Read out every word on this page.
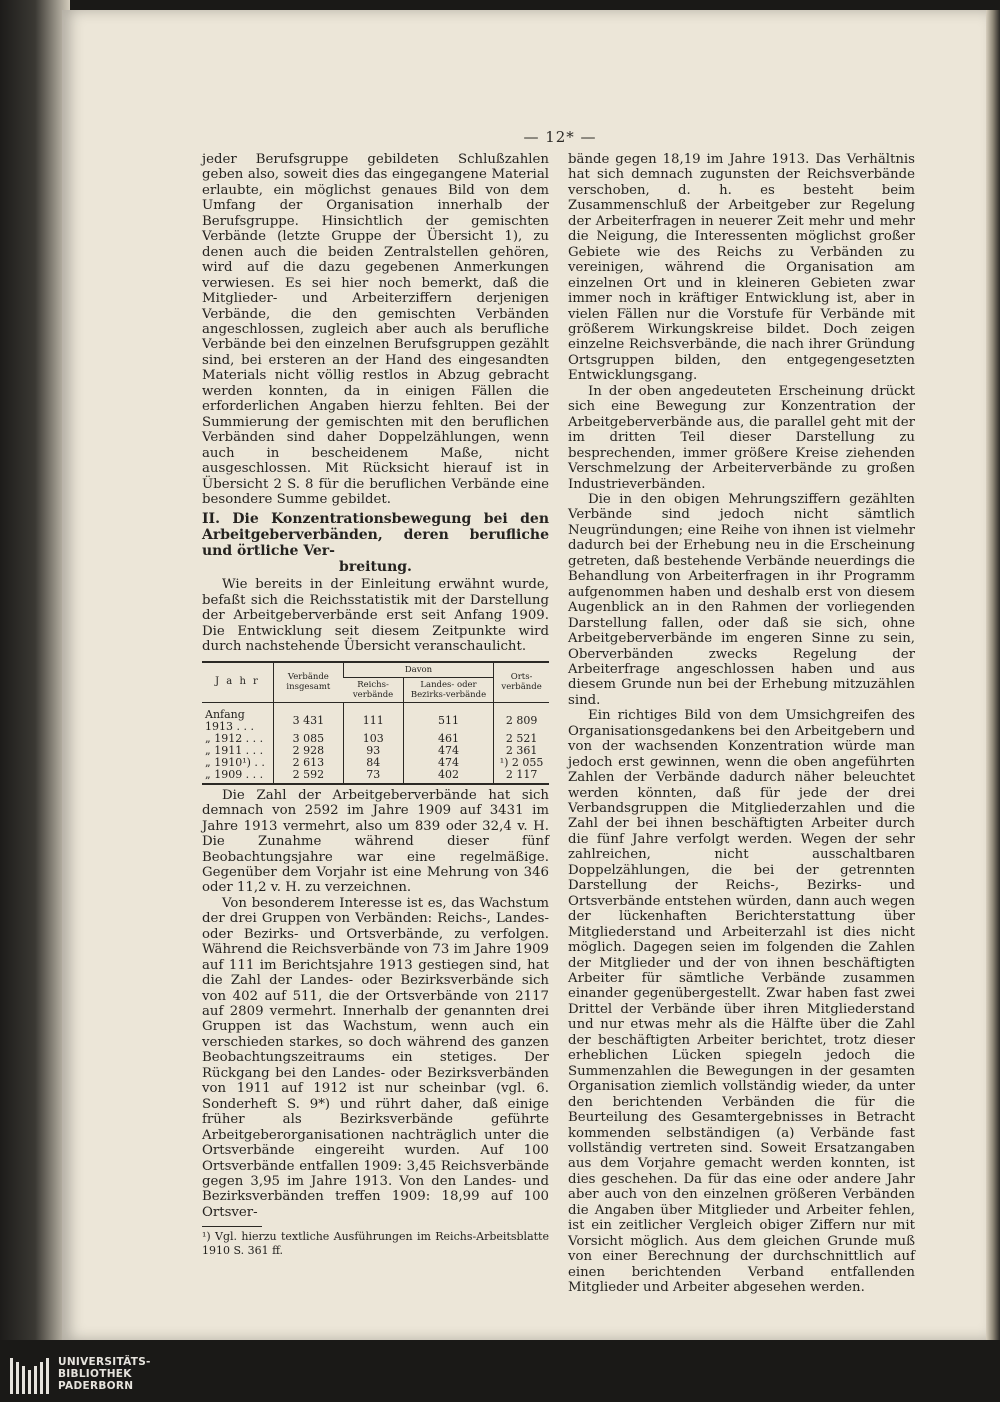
— 12* —

jeder Berufsgruppe gebildeten Schlußzahlen geben also, soweit dies das eingegangene Material erlaubte, ein möglichst genaues Bild von dem Umfang der Organisation innerhalb der Berufsgruppe. Hinsichtlich der gemischten Verbände (letzte Gruppe der Übersicht 1), zu denen auch die beiden Zentralstellen gehören, wird auf die dazu gegebenen Anmerkungen verwiesen. Es sei hier noch bemerkt, daß die Mitglieder- und Arbeiterziffern derjenigen Verbände, die den gemischten Verbänden angeschlossen, zugleich aber auch als berufliche Verbände bei den einzelnen Berufsgruppen gezählt sind, bei ersteren an der Hand des eingesandten Materials nicht völlig restlos in Abzug gebracht werden konnten, da in einigen Fällen die erforderlichen Angaben hierzu fehlten. Bei der Summierung der gemischten mit den beruflichen Verbänden sind daher Doppelzählungen, wenn auch in bescheidenem Maße, nicht ausgeschlossen. Mit Rücksicht hierauf ist in Übersicht 2 S. 8 für die beruflichen Verbände eine besondere Summe gebildet.

II. Die Konzentrationsbewegung bei den Arbeitgeberverbänden, deren berufliche und örtliche Ver-
breitung.

Wie bereits in der Einleitung erwähnt wurde, befaßt sich die Reichsstatistik mit der Darstellung der Arbeitgeberverbände erst seit Anfang 1909. Die Entwicklung seit diesem Zeitpunkte wird durch nachstehende Übersicht veranschaulicht.

J a h r	Verbände insgesamt	Davon		Orts-verbände
		Reichs-verbände	Landes- oder Bezirks-verbände	
Anfang 1913 . . .	3 431	111	511	2 809
„ 1912 . . .	3 085	103	461	2 521
„ 1911 . . .	2 928	93	474	2 361
„ 1910¹) . .	2 613	84	474	¹) 2 055
„ 1909 . . .	2 592	73	402	2 117

Die Zahl der Arbeitgeberverbände hat sich demnach von 2592 im Jahre 1909 auf 3431 im Jahre 1913 vermehrt, also um 839 oder 32,4 v. H. Die Zunahme während dieser fünf Beobachtungsjahre war eine regelmäßige. Gegenüber dem Vorjahr ist eine Mehrung von 346 oder 11,2 v. H. zu verzeichnen.

Von besonderem Interesse ist es, das Wachstum der drei Gruppen von Verbänden: Reichs-, Landes- oder Bezirks- und Ortsverbände, zu verfolgen. Während die Reichsverbände von 73 im Jahre 1909 auf 111 im Berichtsjahre 1913 gestiegen sind, hat die Zahl der Landes- oder Bezirksverbände sich von 402 auf 511, die der Ortsverbände von 2117 auf 2809 vermehrt. Innerhalb der genannten drei Gruppen ist das Wachstum, wenn auch ein verschieden starkes, so doch während des ganzen Beobachtungszeitraums ein stetiges. Der Rückgang bei den Landes- oder Bezirksverbänden von 1911 auf 1912 ist nur scheinbar (vgl. 6. Sonderheft S. 9*) und rührt daher, daß einige früher als Bezirksverbände geführte Arbeitgeberorganisationen nachträglich unter die Ortsverbände eingereiht wurden. Auf 100 Ortsverbände entfallen 1909: 3,45 Reichsverbände gegen 3,95 im Jahre 1913. Von den Landes- und Bezirksverbänden treffen 1909: 18,99 auf 100 Ortsver-

¹) Vgl. hierzu textliche Ausführungen im Reichs-Arbeitsblatte 1910 S. 361 ff.

bände gegen 18,19 im Jahre 1913. Das Verhältnis hat sich demnach zugunsten der Reichsverbände verschoben, d. h. es besteht beim Zusammenschluß der Arbeitgeber zur Regelung der Arbeiterfragen in neuerer Zeit mehr und mehr die Neigung, die Interessenten möglichst großer Gebiete wie des Reichs zu Verbänden zu vereinigen, während die Organisation am einzelnen Ort und in kleineren Gebieten zwar immer noch in kräftiger Entwicklung ist, aber in vielen Fällen nur die Vorstufe für Verbände mit größerem Wirkungskreise bildet. Doch zeigen einzelne Reichsverbände, die nach ihrer Gründung Ortsgruppen bilden, den entgegengesetzten Entwicklungsgang.

In der oben angedeuteten Erscheinung drückt sich eine Bewegung zur Konzentration der Arbeitgeberverbände aus, die parallel geht mit der im dritten Teil dieser Darstellung zu besprechenden, immer größere Kreise ziehenden Verschmelzung der Arbeiterverbände zu großen Industrieverbänden.

Die in den obigen Mehrungsziffern gezählten Verbände sind jedoch nicht sämtlich Neugründungen; eine Reihe von ihnen ist vielmehr dadurch bei der Erhebung neu in die Erscheinung getreten, daß bestehende Verbände neuerdings die Behandlung von Arbeiterfragen in ihr Programm aufgenommen haben und deshalb erst von diesem Augenblick an in den Rahmen der vorliegenden Darstellung fallen, oder daß sie sich, ohne Arbeitgeberverbände im engeren Sinne zu sein, Oberverbänden zwecks Regelung der Arbeiterfrage angeschlossen haben und aus diesem Grunde nun bei der Erhebung mitzuzählen sind.

Ein richtiges Bild von dem Umsichgreifen des Organisationsgedankens bei den Arbeitgebern und von der wachsenden Konzentration würde man jedoch erst gewinnen, wenn die oben angeführten Zahlen der Verbände dadurch näher beleuchtet werden könnten, daß für jede der drei Verbandsgruppen die Mitgliederzahlen und die Zahl der bei ihnen beschäftigten Arbeiter durch die fünf Jahre verfolgt werden. Wegen der sehr zahlreichen, nicht ausschaltbaren Doppelzählungen, die bei der getrennten Darstellung der Reichs-, Bezirks- und Ortsverbände entstehen würden, dann auch wegen der lückenhaften Berichterstattung über Mitgliederstand und Arbeiterzahl ist dies nicht möglich. Dagegen seien im folgenden die Zahlen der Mitglieder und der von ihnen beschäftigten Arbeiter für sämtliche Verbände zusammen einander gegenübergestellt. Zwar haben fast zwei Drittel der Verbände über ihren Mitgliederstand und nur etwas mehr als die Hälfte über die Zahl der beschäftigten Arbeiter berichtet, trotz dieser erheblichen Lücken spiegeln jedoch die Summenzahlen die Bewegungen in der gesamten Organisation ziemlich vollständig wieder, da unter den berichtenden Verbänden die für die Beurteilung des Gesamtergebnisses in Betracht kommenden selbständigen (a) Verbände fast vollständig vertreten sind. Soweit Ersatzangaben aus dem Vorjahre gemacht werden konnten, ist dies geschehen. Da für das eine oder andere Jahr aber auch von den einzelnen größeren Verbänden die Angaben über Mitglieder und Arbeiter fehlen, ist ein zeitlicher Vergleich obiger Ziffern nur mit Vorsicht möglich. Aus dem gleichen Grunde muß von einer Berechnung der durchschnittlich auf einen berichtenden Verband entfallenden Mitglieder und Arbeiter abgesehen werden.

UNIVERSITÄTS-
BIBLIOTHEK
PADERBORN
